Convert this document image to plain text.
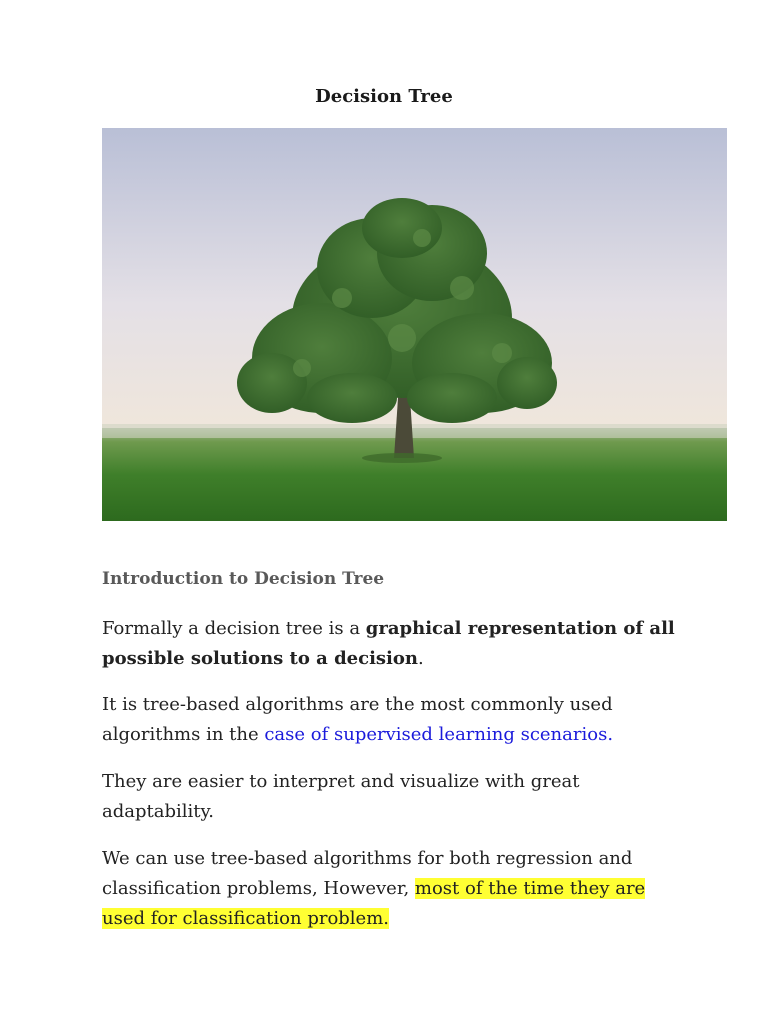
Decision Tree
Introduction to Decision Tree

Formally a decision tree is a graphical representation of all possible solutions to a decision.

It is tree-based algorithms are the most commonly used algorithms in the case of supervised learning scenarios.

They are easier to interpret and visualize with great adaptability.

We can use tree-based algorithms for both regression and classification problems, However, most of the time they are used for classification problem.
